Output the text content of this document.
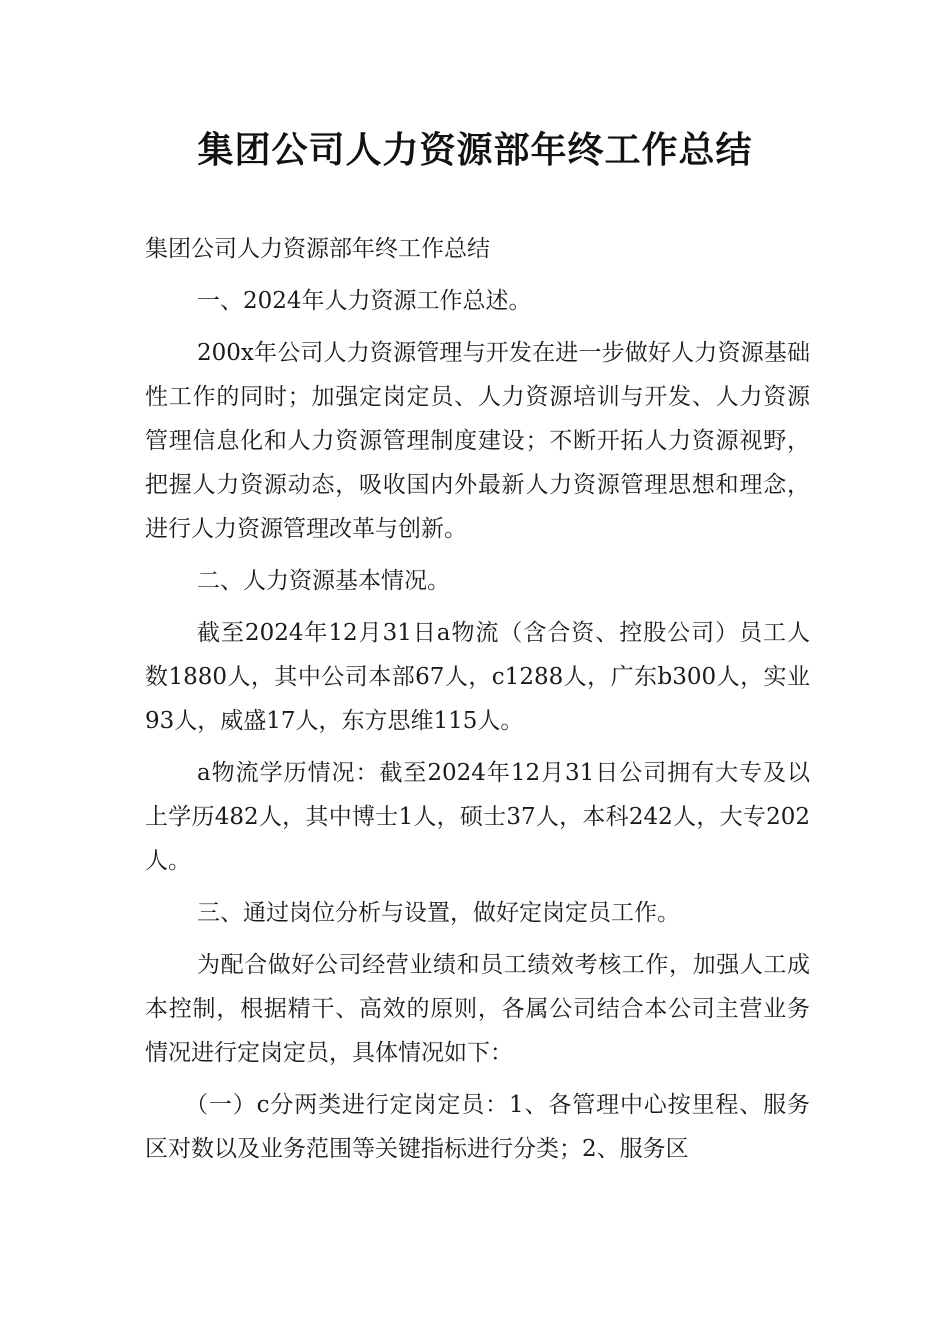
集团公司人力资源部年终工作总结

集团公司人力资源部年终工作总结

一、2024年人力资源工作总述。

200x年公司人力资源管理与开发在进一步做好人力资源基础性工作的同时；加强定岗定员、人力资源培训与开发、人力资源管理信息化和人力资源管理制度建设；不断开拓人力资源视野，把握人力资源动态，吸收国内外最新人力资源管理思想和理念，进行人力资源管理改革与创新。

二、人力资源基本情况。

截至2024年12月31日a物流（含合资、控股公司）员工人数1880人，其中公司本部67人，c1288人，广东b300人，实业93人，威盛17人，东方思维115人。

a物流学历情况：截至2024年12月31日公司拥有大专及以上学历482人，其中博士1人，硕士37人，本科242人，大专202人。

三、通过岗位分析与设置，做好定岗定员工作。

为配合做好公司经营业绩和员工绩效考核工作，加强人工成本控制，根据精干、高效的原则，各属公司结合本公司主营业务情况进行定岗定员，具体情况如下：

（一）c分两类进行定岗定员：1、各管理中心按里程、服务区对数以及业务范围等关键指标进行分类；2、服务区
